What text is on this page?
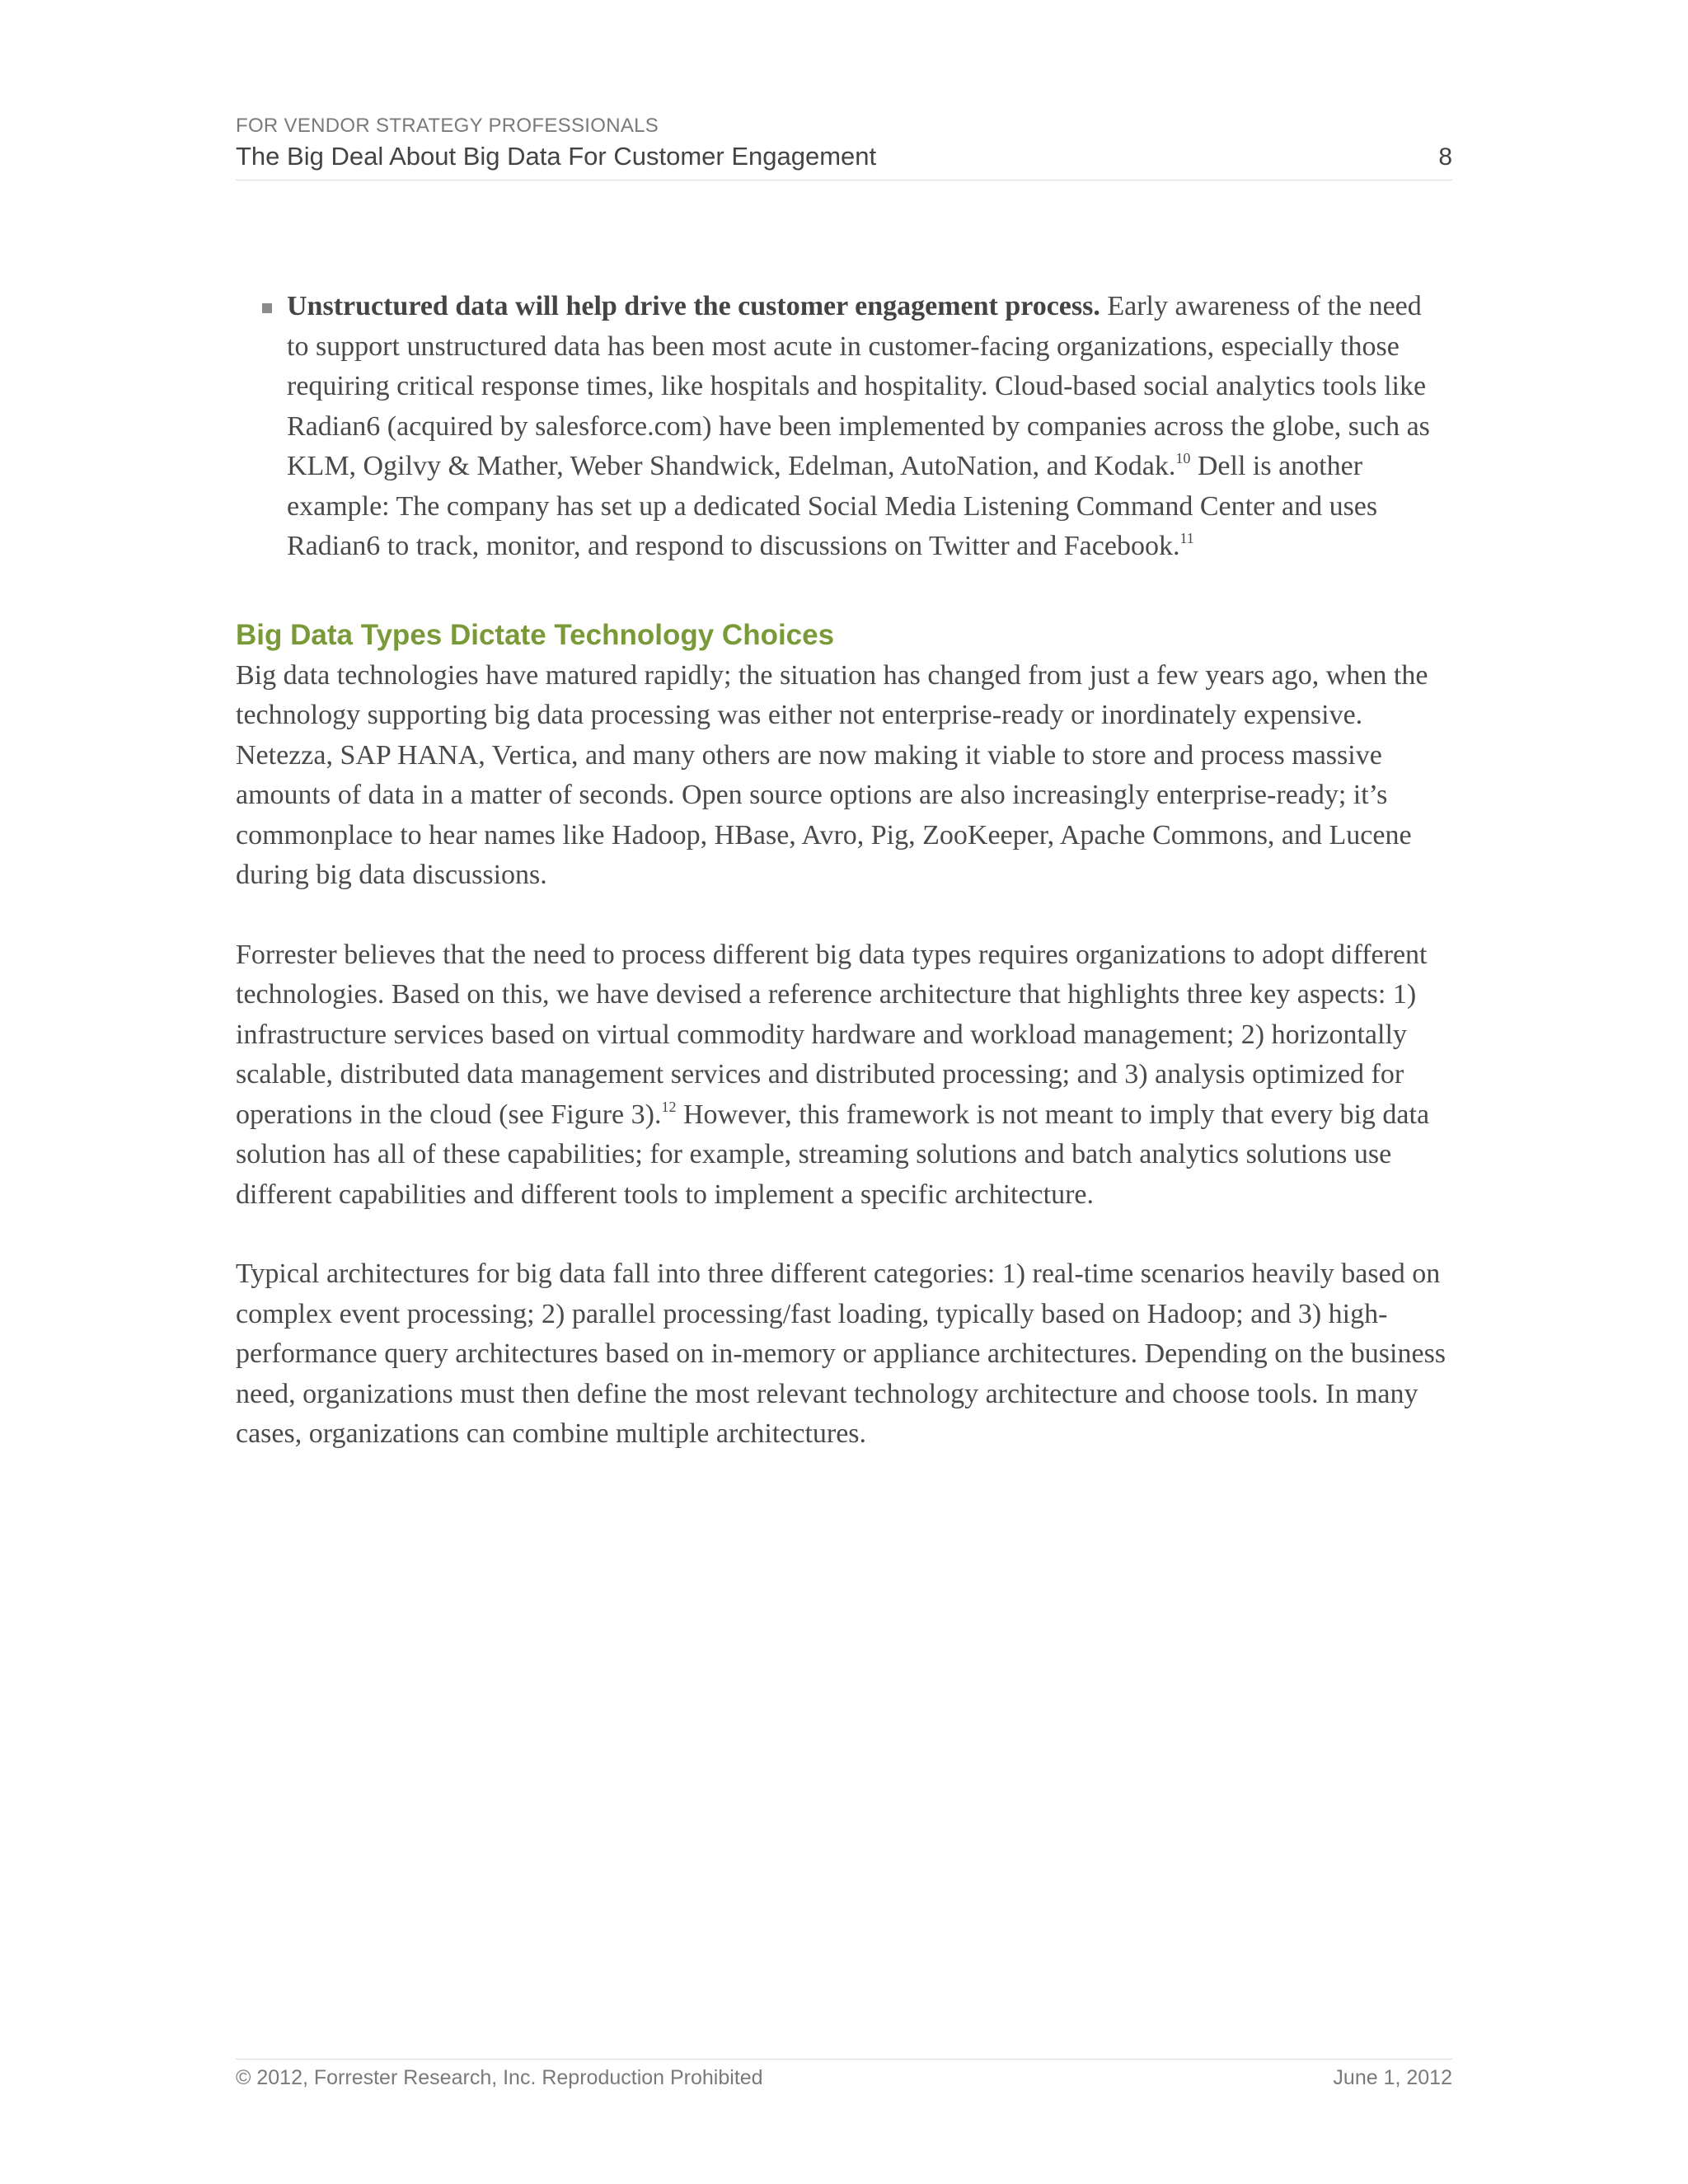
FOR VENDOR STRATEGY PROFESSIONALS
The Big Deal About Big Data For Customer Engagement	8
Unstructured data will help drive the customer engagement process. Early awareness of the need to support unstructured data has been most acute in customer-facing organizations, especially those requiring critical response times, like hospitals and hospitality. Cloud-based social analytics tools like Radian6 (acquired by salesforce.com) have been implemented by companies across the globe, such as KLM, Ogilvy & Mather, Weber Shandwick, Edelman, AutoNation, and Kodak.$^{10}$ Dell is another example: The company has set up a dedicated Social Media Listening Command Center and uses Radian6 to track, monitor, and respond to discussions on Twitter and Facebook.$^{11}$
Big Data Types Dictate Technology Choices

Big data technologies have matured rapidly; the situation has changed from just a few years ago, when the technology supporting big data processing was either not enterprise-ready or inordinately expensive. Netezza, SAP HANA, Vertica, and many others are now making it viable to store and process massive amounts of data in a matter of seconds. Open source options are also increasingly enterprise-ready; it’s commonplace to hear names like Hadoop, HBase, Avro, Pig, ZooKeeper, Apache Commons, and Lucene during big data discussions.

Forrester believes that the need to process different big data types requires organizations to adopt different technologies. Based on this, we have devised a reference architecture that highlights three key aspects: 1) infrastructure services based on virtual commodity hardware and workload management; 2) horizontally scalable, distributed data management services and distributed processing; and 3) analysis optimized for operations in the cloud (see Figure 3).$^{12}$ However, this framework is not meant to imply that every big data solution has all of these capabilities; for example, streaming solutions and batch analytics solutions use different capabilities and different tools to implement a specific architecture.

Typical architectures for big data fall into three different categories: 1) real-time scenarios heavily based on complex event processing; 2) parallel processing/fast loading, typically based on Hadoop; and 3) high-performance query architectures based on in-memory or appliance architectures. Depending on the business need, organizations must then define the most relevant technology architecture and choose tools. In many cases, organizations can combine multiple architectures.

© 2012, Forrester Research, Inc. Reproduction Prohibited	June 1, 2012
